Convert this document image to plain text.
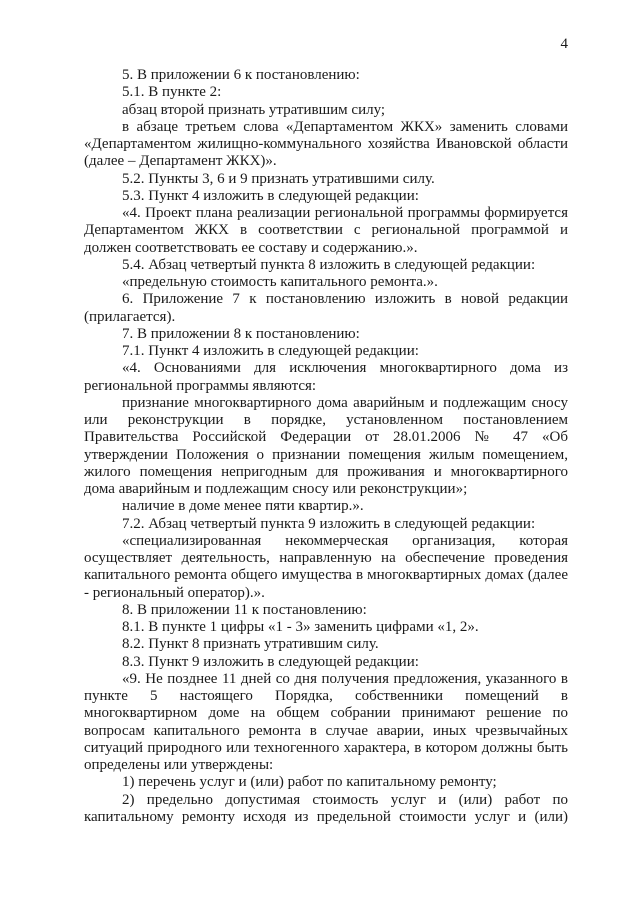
4

5. В приложении 6 к постановлению:

5.1. В пункте 2:

абзац второй признать утратившим силу;

в абзаце третьем слова «Департаментом ЖКХ» заменить словами «Департаментом жилищно-коммунального хозяйства Ивановской области (далее – Департамент ЖКХ)».

5.2. Пункты 3, 6 и 9 признать утратившими силу.

5.3. Пункт 4 изложить в следующей редакции:

«4. Проект плана реализации региональной программы формируется Департаментом ЖКХ в соответствии с региональной программой и должен соответствовать ее составу и содержанию.».

5.4. Абзац четвертый пункта 8 изложить в следующей редакции:

«предельную стоимость капитального ремонта.».

6. Приложение 7 к постановлению изложить в новой редакции (прилагается).

7. В приложении 8 к постановлению:

7.1. Пункт 4 изложить в следующей редакции:

«4. Основаниями для исключения многоквартирного дома из региональной программы являются:

признание многоквартирного дома аварийным и подлежащим сносу или реконструкции в порядке, установленном постановлением Правительства Российской Федерации от 28.01.2006 № 47 «Об утверждении Положения о признании помещения жилым помещением, жилого помещения непригодным для проживания и многоквартирного дома аварийным и подлежащим сносу или реконструкции»;

наличие в доме менее пяти квартир.».

7.2. Абзац четвертый пункта 9 изложить в следующей редакции:

«специализированная некоммерческая организация, которая осуществляет деятельность, направленную на обеспечение проведения капитального ремонта общего имущества в многоквартирных домах (далее - региональный оператор).».

8. В приложении 11 к постановлению:

8.1. В пункте 1 цифры «1 - 3» заменить цифрами «1, 2».

8.2. Пункт 8 признать утратившим силу.

8.3. Пункт 9 изложить в следующей редакции:

«9. Не позднее 11 дней со дня получения предложения, указанного в пункте 5 настоящего Порядка, собственники помещений в многоквартирном доме на общем собрании принимают решение по вопросам капитального ремонта в случае аварии, иных чрезвычайных ситуаций природного или техногенного характера, в котором должны быть определены или утверждены:

1) перечень услуг и (или) работ по капитальному ремонту;

2) предельно допустимая стоимость услуг и (или) работ по капитальному ремонту исходя из предельной стоимости услуг и (или)
